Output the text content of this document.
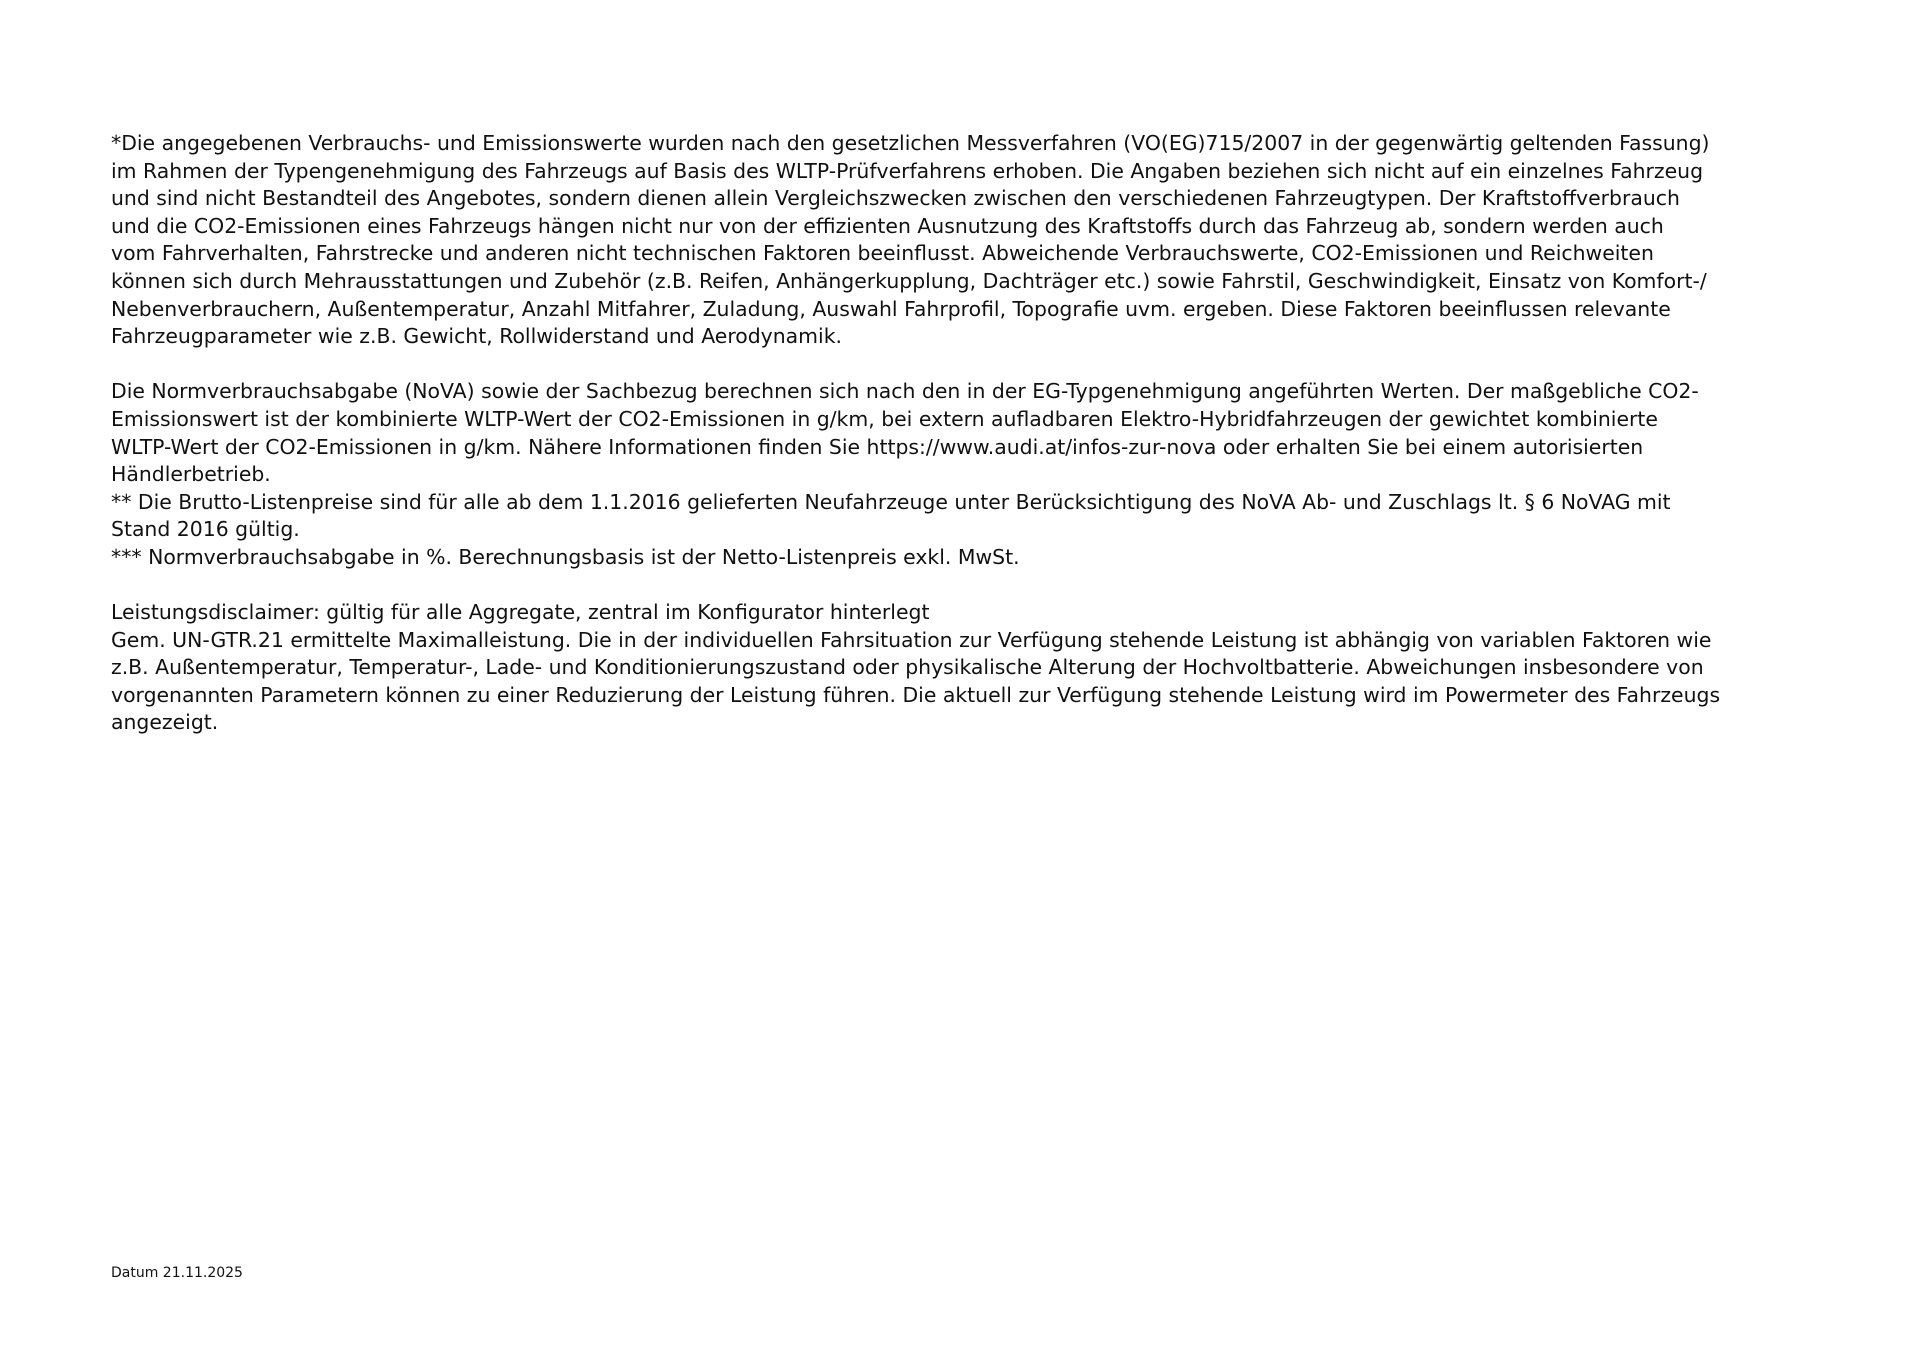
*Die angegebenen Verbrauchs- und Emissionswerte wurden nach den gesetzlichen Messverfahren (VO(EG)715/2007 in der gegenwärtig geltenden Fassung)
im Rahmen der Typengenehmigung des Fahrzeugs auf Basis des WLTP-Prüfverfahrens erhoben. Die Angaben beziehen sich nicht auf ein einzelnes Fahrzeug
und sind nicht Bestandteil des Angebotes, sondern dienen allein Vergleichszwecken zwischen den verschiedenen Fahrzeugtypen. Der Kraftstoffverbrauch
und die CO2-Emissionen eines Fahrzeugs hängen nicht nur von der effizienten Ausnutzung des Kraftstoffs durch das Fahrzeug ab, sondern werden auch
vom Fahrverhalten, Fahrstrecke und anderen nicht technischen Faktoren beeinflusst. Abweichende Verbrauchswerte, CO2-Emissionen und Reichweiten
können sich durch Mehrausstattungen und Zubehör (z.B. Reifen, Anhängerkupplung, Dachträger etc.) sowie Fahrstil, Geschwindigkeit, Einsatz von Komfort-/
Nebenverbrauchern, Außentemperatur, Anzahl Mitfahrer, Zuladung, Auswahl Fahrprofil, Topografie uvm. ergeben. Diese Faktoren beeinflussen relevante
Fahrzeugparameter wie z.B. Gewicht, Rollwiderstand und Aerodynamik.

Die Normverbrauchsabgabe (NoVA) sowie der Sachbezug berechnen sich nach den in der EG-Typgenehmigung angeführten Werten. Der maßgebliche CO2-
Emissionswert ist der kombinierte WLTP-Wert der CO2-Emissionen in g/km, bei extern aufladbaren Elektro-Hybridfahrzeugen der gewichtet kombinierte
WLTP-Wert der CO2-Emissionen in g/km. Nähere Informationen finden Sie https://www.audi.at/infos-zur-nova oder erhalten Sie bei einem autorisierten
Händlerbetrieb.

** Die Brutto-Listenpreise sind für alle ab dem 1.1.2016 gelieferten Neufahrzeuge unter Berücksichtigung des NoVA Ab- und Zuschlags lt. § 6 NoVAG mit
Stand 2016 gültig.

*** Normverbrauchsabgabe in %. Berechnungsbasis ist der Netto-Listenpreis exkl. MwSt.

Leistungsdisclaimer: gültig für alle Aggregate, zentral im Konfigurator hinterlegt

Gem. UN-GTR.21 ermittelte Maximalleistung. Die in der individuellen Fahrsituation zur Verfügung stehende Leistung ist abhängig von variablen Faktoren wie
z.B. Außentemperatur, Temperatur-, Lade- und Konditionierungszustand oder physikalische Alterung der Hochvoltbatterie. Abweichungen insbesondere von
vorgenannten Parametern können zu einer Reduzierung der Leistung führen. Die aktuell zur Verfügung stehende Leistung wird im Powermeter des Fahrzeugs
angezeigt.

Datum 21.11.2025
